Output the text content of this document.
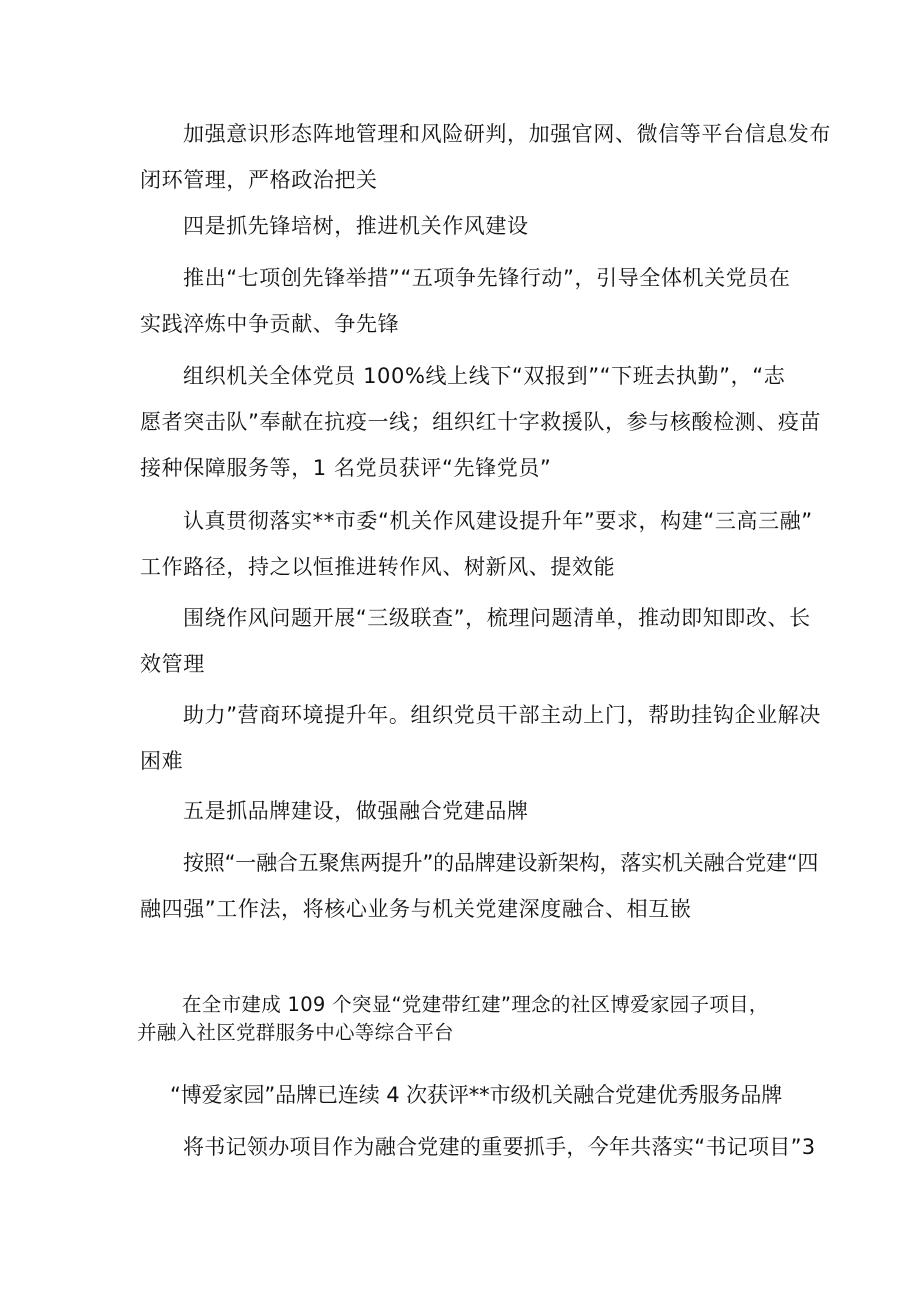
加强意识形态阵地管理和风险研判，加强官网、微信等平台信息发布
闭环管理，严格政治把关
四是抓先锋培树，推进机关作风建设
推出“七项创先锋举措”“五项争先锋行动”，引导全体机关党员在
实践淬炼中争贡献、争先锋
组织机关全体党员 100%线上线下“双报到”“下班去执勤”，“志
愿者突击队”奉献在抗疫一线；组织红十字救援队，参与核酸检测、疫苗
接种保障服务等，1 名党员获评“先锋党员”
认真贯彻落实**市委“机关作风建设提升年”要求，构建“三高三融”
工作路径，持之以恒推进转作风、树新风、提效能
围绕作风问题开展“三级联查”，梳理问题清单，推动即知即改、长
效管理
助力”营商环境提升年。组织党员干部主动上门，帮助挂钩企业解决
困难
五是抓品牌建设，做强融合党建品牌
按照“一融合五聚焦两提升”的品牌建设新架构，落实机关融合党建“四
融四强”工作法，将核心业务与机关党建深度融合、相互嵌
在全市建成 109 个突显“党建带红建”理念的社区博爱家园子项目，
并融入社区党群服务中心等综合平台
“博爱家园”品牌已连续 4 次获评**市级机关融合党建优秀服务品牌
将书记领办项目作为融合党建的重要抓手，今年共落实“书记项目”3
